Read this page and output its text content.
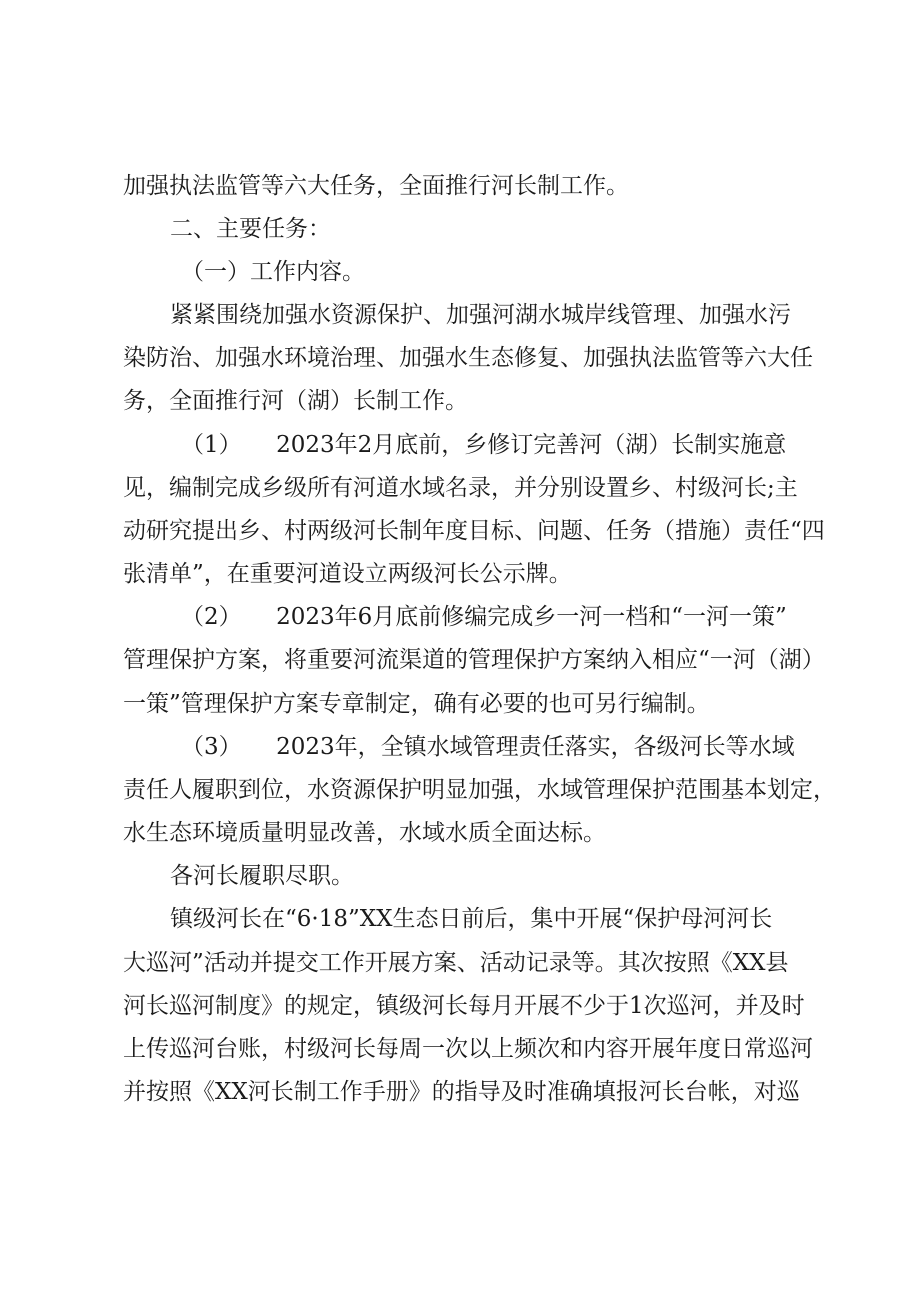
加强执法监管等六大任务，全面推行河长制工作。
二、主要任务：
（一）工作内容。
紧紧围绕加强水资源保护、加强河湖水城岸线管理、加强水污
染防治、加强水环境治理、加强水生态修复、加强执法监管等六大任
务，全面推行河（湖）长制工作。
（1）　　2023年2月底前，乡修订完善河（湖）长制实施意
见，编制完成乡级所有河道水域名录，并分别设置乡、村级河长;主
动研究提出乡、村两级河长制年度目标、问题、任务（措施）责任“四
张清单”，在重要河道设立两级河长公示牌。
（2）　　2023年6月底前修编完成乡一河一档和“一河一策”
管理保护方案，将重要河流渠道的管理保护方案纳入相应“一河（湖）
一策”管理保护方案专章制定，确有必要的也可另行编制。
（3）　　2023年，全镇水域管理责任落实，各级河长等水域
责任人履职到位，水资源保护明显加强，水域管理保护范围基本划定，
水生态环境质量明显改善，水域水质全面达标。
各河长履职尽职。
镇级河长在“6·18”XX生态日前后，集中开展“保护母河河长
大巡河”活动并提交工作开展方案、活动记录等。其次按照《XX县
河长巡河制度》的规定，镇级河长每月开展不少于1次巡河，并及时
上传巡河台账，村级河长每周一次以上频次和内容开展年度日常巡河
并按照《XX河长制工作手册》的指导及时准确填报河长台帐，对巡
